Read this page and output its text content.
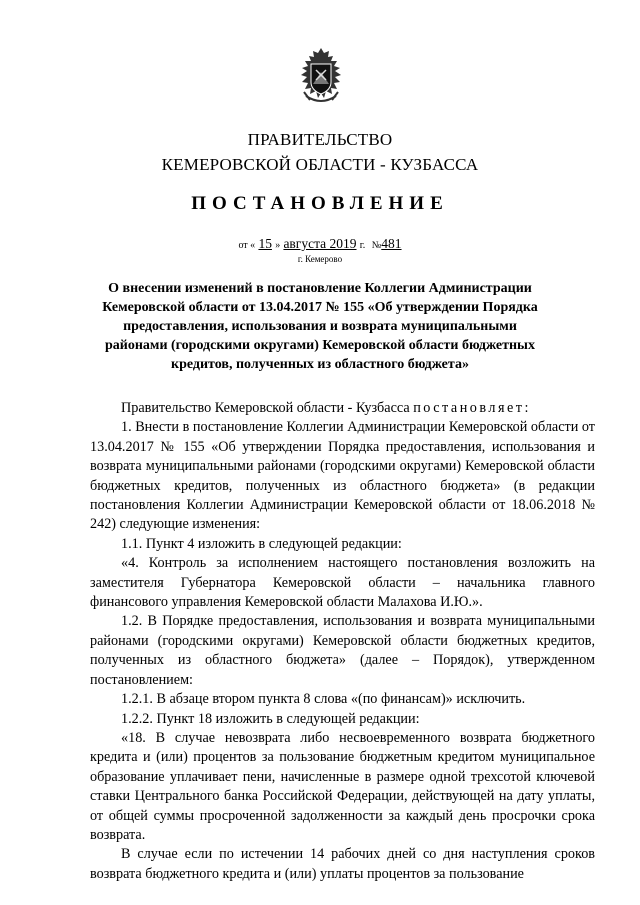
ПРАВИТЕЛЬСТВО
КЕМЕРОВСКОЙ ОБЛАСТИ - КУЗБАССА
ПОСТАНОВЛЕНИЕ
от « 15 » августа 2019 г. №481
г. Кемерово
О внесении изменений в постановление Коллегии Администрации Кемеровской области от 13.04.2017 № 155 «Об утверждении Порядка предоставления, использования и возврата муниципальными районами (городскими округами) Кемеровской области бюджетных кредитов, полученных из областного бюджета»

Правительство Кемеровской области - Кузбасса постановляет:

1. Внести в постановление Коллегии Администрации Кемеровской области от 13.04.2017 № 155 «Об утверждении Порядка предоставления, использования и возврата муниципальными районами (городскими округами) Кемеровской области бюджетных кредитов, полученных из областного бюджета» (в редакции постановления Коллегии Администрации Кемеровской области от 18.06.2018 № 242) следующие изменения:

1.1. Пункт 4 изложить в следующей редакции:

«4. Контроль за исполнением настоящего постановления возложить на заместителя Губернатора Кемеровской области – начальника главного финансового управления Кемеровской области Малахова И.Ю.».

1.2. В Порядке предоставления, использования и возврата муниципальными районами (городскими округами) Кемеровской области бюджетных кредитов, полученных из областного бюджета» (далее – Порядок), утвержденном постановлением:

1.2.1. В абзаце втором пункта 8 слова «(по финансам)» исключить.

1.2.2. Пункт 18 изложить в следующей редакции:

«18. В случае невозврата либо несвоевременного возврата бюджетного кредита и (или) процентов за пользование бюджетным кредитом муниципальное образование уплачивает пени, начисленные в размере одной трехсотой ключевой ставки Центрального банка Российской Федерации, действующей на дату уплаты, от общей суммы просроченной задолженности за каждый день просрочки срока возврата.

В случае если по истечении 14 рабочих дней со дня наступления сроков возврата бюджетного кредита и (или) уплаты процентов за пользование
